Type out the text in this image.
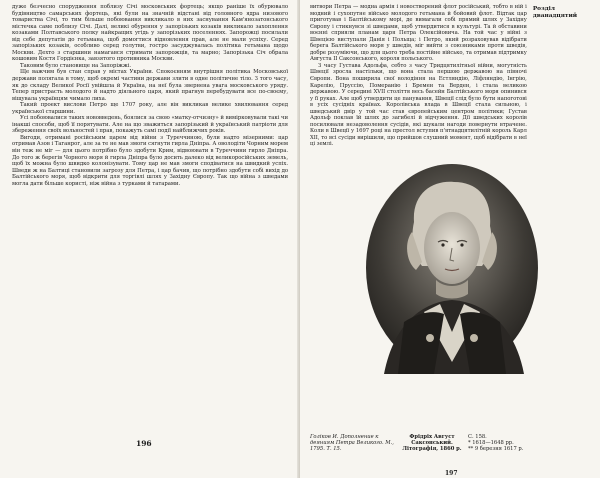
дуже безчесно спорудження поблизу Січі московських фортець; якщо раніше їх обурювало будівництво самарських фортець, які були на значній відстані від головного ядра низового товариства Січі, то тим більше побоювання викликало в них заснування Кам'янозатонського містечка саме поблизу Січі. Далі, великі обурення у запорізьких козаків викликало захоплення козаками Полтавського полку найкращих угідь у запорізьких поселеннях. Запорожці посилали від себе депутатів до гетьмана, щоб домогтися відновлення прав, але не мали успіху. Серед запорізьких козаків, особливо серед голутви, гостро засуджувалась політика гетьмана щодо Москви. Дехто з старшини намагався стримати запорожців, та марно; Запорізька Січ обрала кошовим Костя Гордієнка, завзятого противника Москви.

Таковим було становище на Запоріжжі.

Ще важчим був стан справ у містах України. Спокоєнням внутрішня політика Московської держави полягала в тому, щоб окремі частини держави злити в одне політичне тіло. З того часу, як до складу Великої Росії увійшла й Україна, на неї була звернена увага московського уряду. Тепер пристрасть молодого й надто діяльного царя, який прагнув перебудувати все по-своєму, віщувала українцям чимало лиха.

Такий проект вислови Петро ще 1707 року, але він викликав велике хвилювання серед української старшини.

Усі побоювалися таких нововведень, боялися за свою «матку-отчизну» й вимірковували такі чи інакші способи, щоб її порятувати. Але на що зважиться запорізький й український патріоти для збереження своїх вольностей і прав, покажуть самі події найближчих років.

Вигоди, отримані російським царем від війни з Туреччиною, були надто мізерними: цар отримав Азов і Таганрог, але за те не мав змоги сягнути гирла Дніпра. А оволодіти Чорним морем він теж не міг — для цього потрібно було здобути Крим, відвоювати в Туреччини гирло Дніпра. До того ж берегів Чорного моря й гирла Дніпра було досить далеко від великоросійських земель, щоб їх можна було швидко колонізувати. Тому цар не мав змоги сподіватися на швидкий успіх. Шведи ж на Балтиці становили загрозу для Петра, і цар бачив, що потрібно здобути собі вихід до Балтійського моря, щоб відкрити для торгівлі шлях у Західну Європу. Так що війна з шведами могла дати більше користі, ніж війна з турками й татарами.

196

витвори Петра — модна армія і новостворений флот російський, тобто в ній і модний і сухопутне військо молодого гетьмана й бойовий флот. Відтак цар приготував і Балтійському морі, де вимагали собі прямий шлях у Західну Європу і стикнувся зі шведами, щоб утвердитися в культурі. Та й обставини воєнні сприяли планам царя Петра Олексійовича. На той час у війні з Швецією виступали Данія і Польща; і Петро, який розраховував відібрати берега Балтійського моря у шведів, міг вийти з союзниками проти шведів, добре розуміючи, що для цього треба постійне військо, та отримав підтримку Августа II Саксонського, короля польського.

З часу Густава Адольфа, себто з часу Тридцятилітньої війни, могутність Швеції зросла настільки, що вона стала першою державою на півночі Європи. Вона поширила свої володіння на Естляндію, Ліфляндію, Інгрію, Карелію, Пруссію, Померанію і Бремен та Верден, і стала великою державою. У середині XVII століття весь басейн Балтійського моря опинився у її руках. Але щоб утвердити це панування, Швеції слід було бути напоготові в усіх сусідніх країнах. Королівська влада в Швеції стала сильною, і шведський двір у той час став європейським центром політики; Густав Адольф поклав їй шлях до загибелі й відчуження. Дії шведських королів посилювали незадоволення сусідів, які шукали нагоди повернути втрачене. Коли в Швеції у 1697 році на престол вступив п'ятнадцятилітній король Карл XII, то всі сусіди вирішили, що прийшов слушний момент, щоб відібрати в неї ці землі.

Розділ дванадцятий
Голіков И. Дополнение к деяниям Петра Великого. М., 1795. Т. 15.
Фрідріх Август Саксонський.
Літографія, 1860 р.
С. 158.
* 1618—1648 рр.
** 9 березня 1617 р.
197
